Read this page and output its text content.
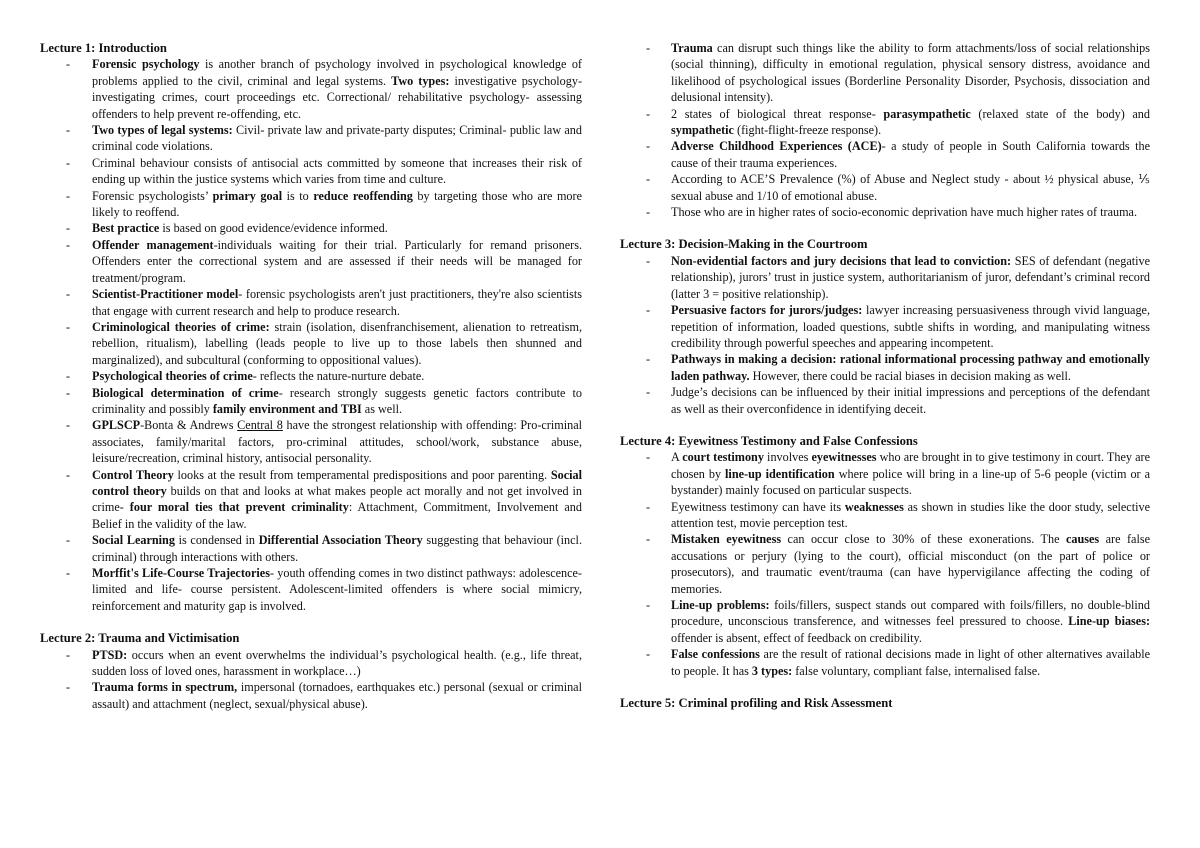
Lecture 1: Introduction
- Forensic psychology is another branch of psychology involved in psychological knowledge of problems applied to the civil, criminal and legal systems. Two types: investigative psychology- investigating crimes, court proceedings etc. Correctional/ rehabilitative psychology- assessing offenders to help prevent re-offending, etc.
- Two types of legal systems: Civil- private law and private-party disputes; Criminal- public law and criminal code violations.
- Criminal behaviour consists of antisocial acts committed by someone that increases their risk of ending up within the justice systems which varies from time and culture.
- Forensic psychologists’ primary goal is to reduce reoffending by targeting those who are more likely to reoffend.
- Best practice is based on good evidence/evidence informed.
- Offender management-individuals waiting for their trial. Particularly for remand prisoners. Offenders enter the correctional system and are assessed if their needs will be managed for treatment/program.
- Scientist-Practitioner model- forensic psychologists aren't just practitioners, they're also scientists that engage with current research and help to produce research.
- Criminological theories of crime: strain (isolation, disenfranchisement, alienation to retreatism, rebellion, ritualism), labelling (leads people to live up to those labels then shunned and marginalized), and subcultural (conforming to oppositional values).
- Psychological theories of crime- reflects the nature-nurture debate.
- Biological determination of crime- research strongly suggests genetic factors contribute to criminality and possibly family environment and TBI as well.
- GPLSCP-Bonta & Andrews Central 8 have the strongest relationship with offending: Pro-criminal associates, family/marital factors, pro-criminal attitudes, school/work, substance abuse, leisure/recreation, criminal history, antisocial personality.
- Control Theory looks at the result from temperamental predispositions and poor parenting. Social control theory builds on that and looks at what makes people act morally and not get involved in crime- four moral ties that prevent criminality: Attachment, Commitment, Involvement and Belief in the validity of the law.
- Social Learning is condensed in Differential Association Theory suggesting that behaviour (incl. criminal) through interactions with others.
- Morffit's Life-Course Trajectories- youth offending comes in two distinct pathways: adolescence-limited and life- course persistent. Adolescent-limited offenders is where social mimicry, reinforcement and maturity gap is involved.
Lecture 2: Trauma and Victimisation
- PTSD: occurs when an event overwhelms the individual’s psychological health. (e.g., life threat, sudden loss of loved ones, harassment in workplace…)
- Trauma forms in spectrum, impersonal (tornadoes, earthquakes etc.) personal (sexual or criminal assault) and attachment (neglect, sexual/physical abuse).
- Trauma can disrupt such things like the ability to form attachments/loss of social relationships (social thinning), difficulty in emotional regulation, physical sensory distress, avoidance and likelihood of psychological issues (Borderline Personality Disorder, Psychosis, dissociation and delusional intensity).
- 2 states of biological threat response- parasympathetic (relaxed state of the body) and sympathetic (fight-flight-freeze response).
- Adverse Childhood Experiences (ACE)- a study of people in South California towards the cause of their trauma experiences.
- According to ACE’S Prevalence (%) of Abuse and Neglect study - about ½ physical abuse, ⅕ sexual abuse and 1/10 of emotional abuse.
- Those who are in higher rates of socio-economic deprivation have much higher rates of trauma.
Lecture 3: Decision-Making in the Courtroom
- Non-evidential factors and jury decisions that lead to conviction: SES of defendant (negative relationship), jurors’ trust in justice system, authoritarianism of juror, defendant’s criminal record (latter 3 = positive relationship).
- Persuasive factors for jurors/judges: lawyer increasing persuasiveness through vivid language, repetition of information, loaded questions, subtle shifts in wording, and manipulating witness credibility through powerful speeches and appearing incompetent.
- Pathways in making a decision: rational informational processing pathway and emotionally laden pathway. However, there could be racial biases in decision making as well.
- Judge’s decisions can be influenced by their initial impressions and perceptions of the defendant as well as their overconfidence in identifying deceit.
Lecture 4: Eyewitness Testimony and False Confessions
- A court testimony involves eyewitnesses who are brought in to give testimony in court. They are chosen by line-up identification where police will bring in a line-up of 5-6 people (victim or a bystander) mainly focused on particular suspects.
- Eyewitness testimony can have its weaknesses as shown in studies like the door study, selective attention test, movie perception test.
- Mistaken eyewitness can occur close to 30% of these exonerations. The causes are false accusations or perjury (lying to the court), official misconduct (on the part of police or prosecutors), and traumatic event/trauma (can have hypervigilance affecting the coding of memories.
- Line-up problems: foils/fillers, suspect stands out compared with foils/fillers, no double-blind procedure, unconscious transference, and witnesses feel pressured to choose. Line-up biases: offender is absent, effect of feedback on credibility.
- False confessions are the result of rational decisions made in light of other alternatives available to people. It has 3 types: false voluntary, compliant false, internalised false.
Lecture 5: Criminal profiling and Risk Assessment
